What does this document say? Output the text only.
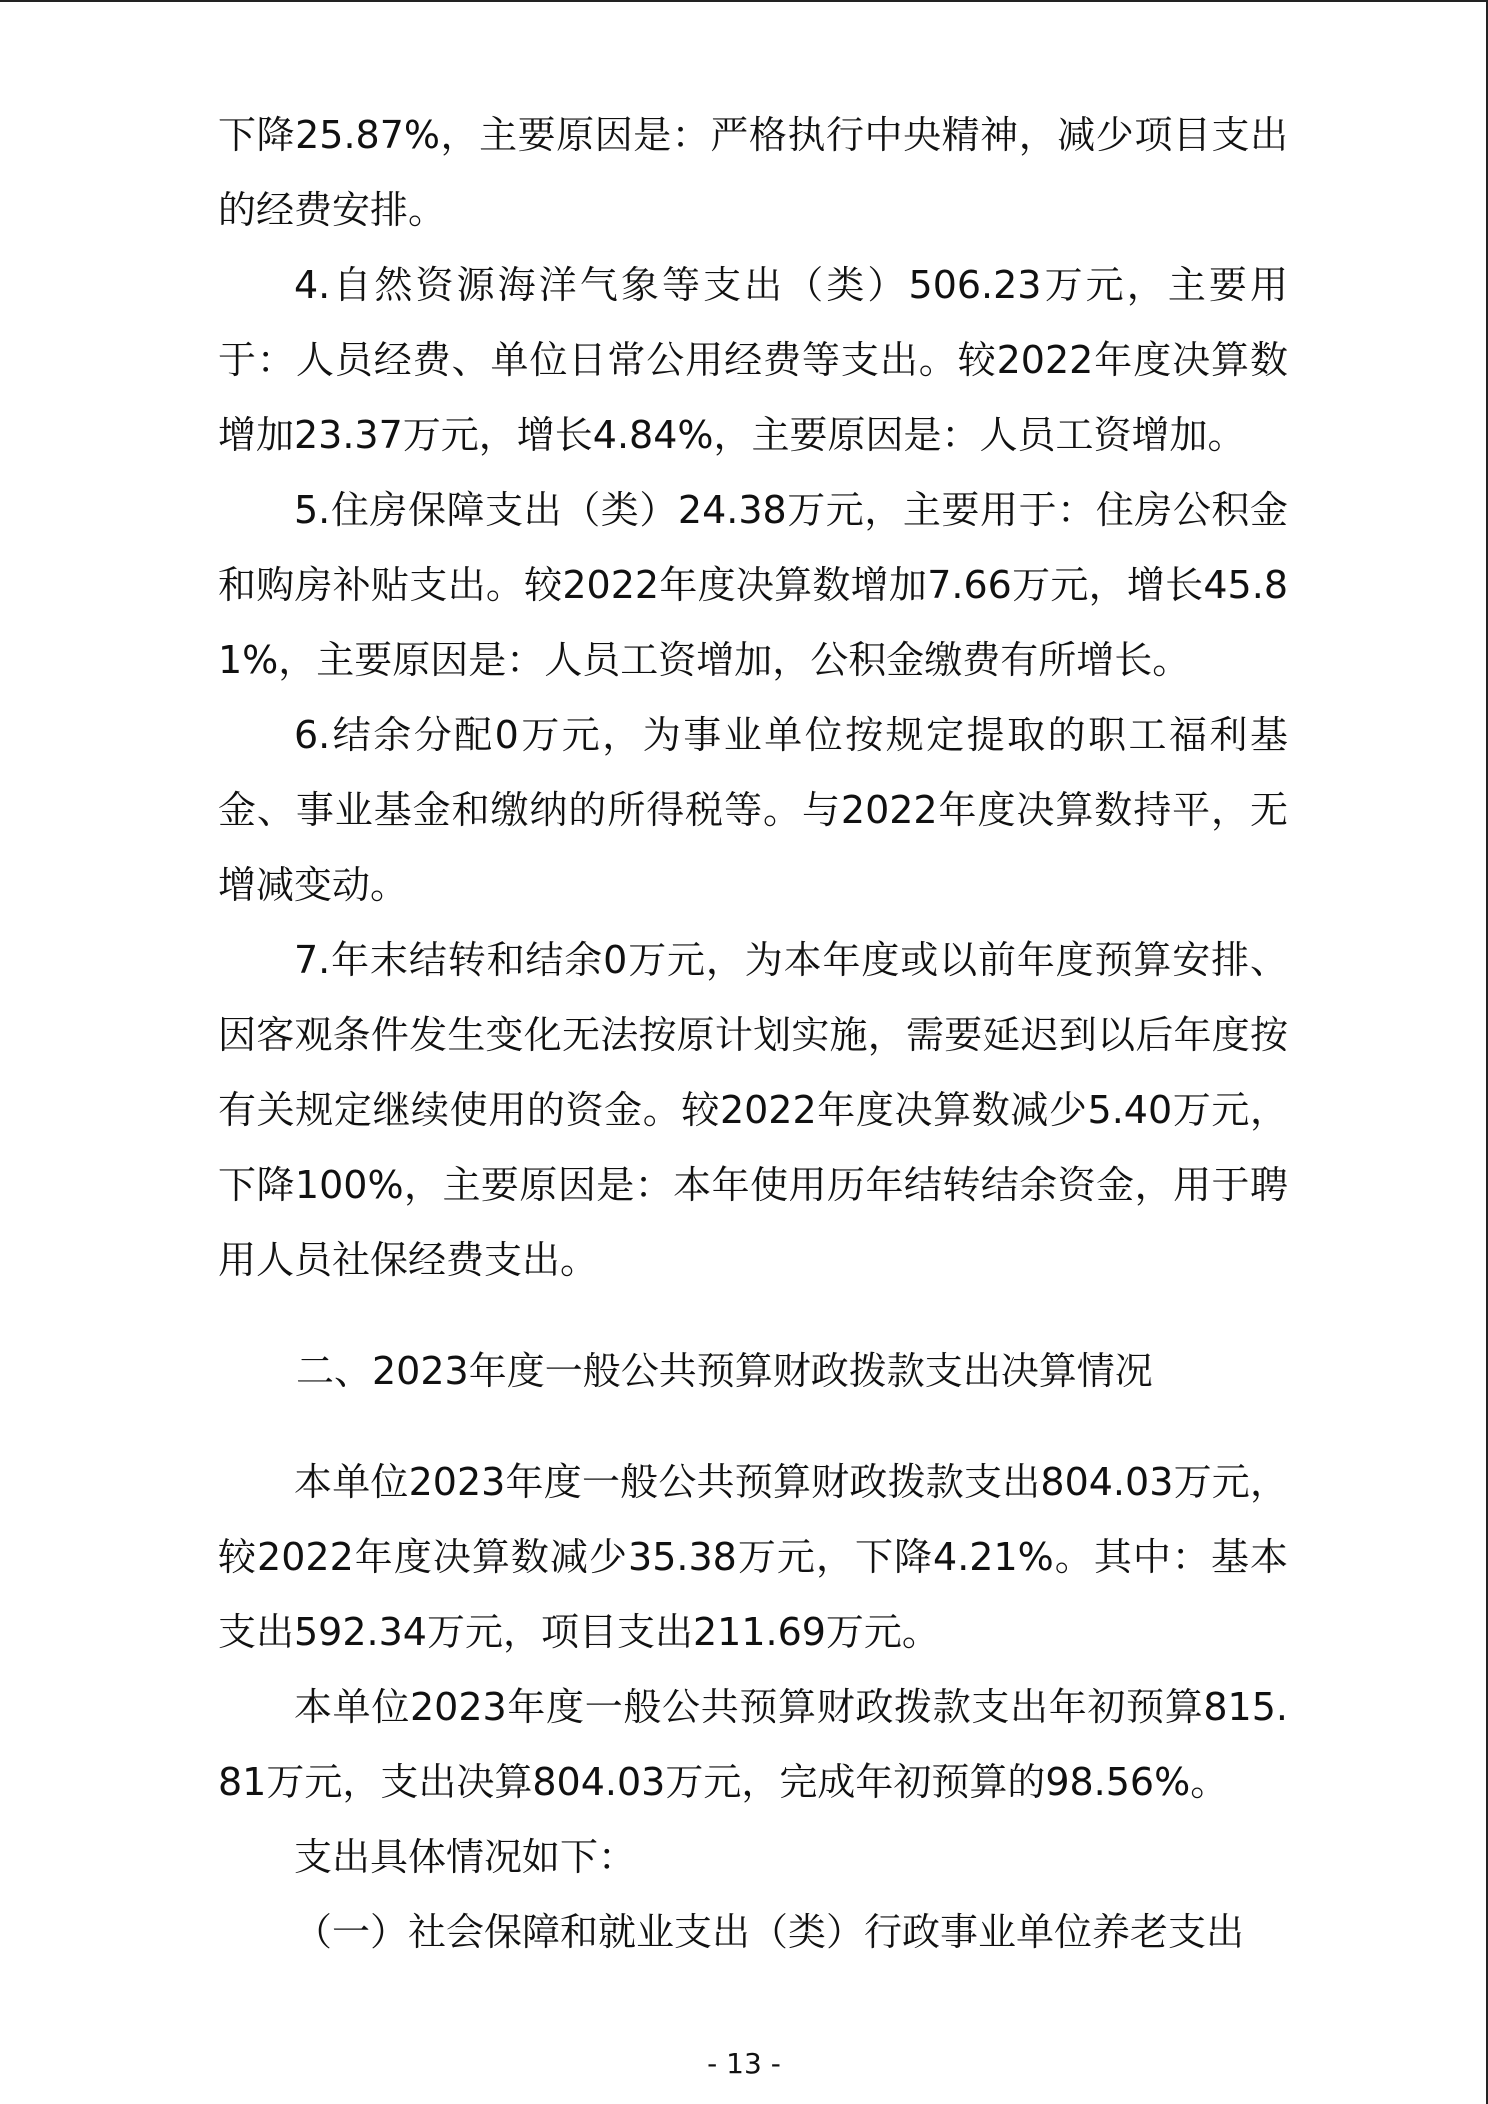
下降25.87%，主要原因是：严格执行中央精神，减少项目支出的经费安排。

4.自然资源海洋气象等支出（类）506.23万元，主要用于：人员经费、单位日常公用经费等支出。较2022年度决算数增加23.37万元，增长4.84%，主要原因是：人员工资增加。

5.住房保障支出（类）24.38万元，主要用于：住房公积金和购房补贴支出。较2022年度决算数增加7.66万元，增长45.81%，主要原因是：人员工资增加，公积金缴费有所增长。

6.结余分配0万元，为事业单位按规定提取的职工福利基金、事业基金和缴纳的所得税等。与2022年度决算数持平，无增减变动。

7.年末结转和结余0万元，为本年度或以前年度预算安排、因客观条件发生变化无法按原计划实施，需要延迟到以后年度按有关规定继续使用的资金。较2022年度决算数减少5.40万元，下降100%，主要原因是：本年使用历年结转结余资金，用于聘用人员社保经费支出。

二、2023年度一般公共预算财政拨款支出决算情况

本单位2023年度一般公共预算财政拨款支出804.03万元，较2022年度决算数减少35.38万元，下降4.21%。其中：基本支出592.34万元，项目支出211.69万元。

本单位2023年度一般公共预算财政拨款支出年初预算815.81万元，支出决算804.03万元，完成年初预算的98.56%。

支出具体情况如下：

（一）社会保障和就业支出（类）行政事业单位养老支出

- 13 -
